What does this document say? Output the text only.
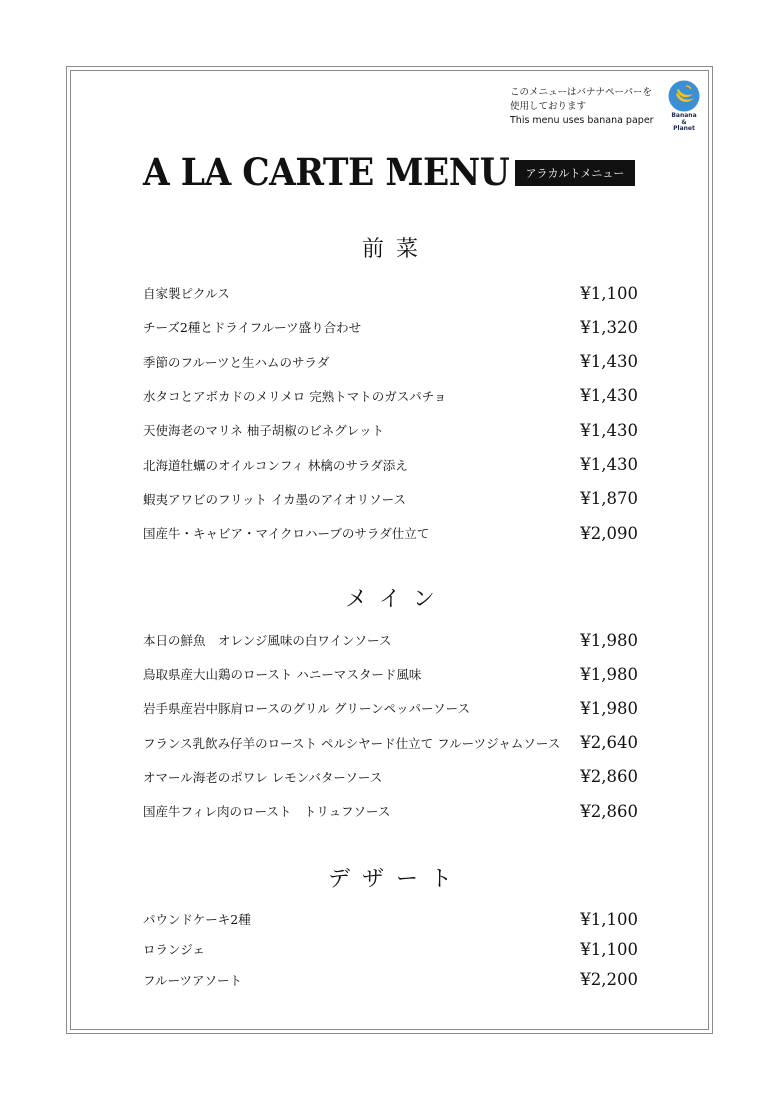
このメニューはバナナペーパーを
使用しております
This menu uses banana paper	Banana
&
Planet
A LA CARTE MENU	アラカルトメニュー
前菜
自家製ピクルス	¥1,100
チーズ2種とドライフルーツ盛り合わせ	¥1,320
季節のフルーツと生ハムのサラダ	¥1,430
水タコとアボカドのメリメロ 完熟トマトのガスパチョ	¥1,430
天使海老のマリネ 柚子胡椒のビネグレット	¥1,430
北海道牡蠣のオイルコンフィ 林檎のサラダ添え	¥1,430
蝦夷アワビのフリット イカ墨のアイオリソース	¥1,870
国産牛・キャビア・マイクロハーブのサラダ仕立て	¥2,090
メイン
本日の鮮魚　オレンジ風味の白ワインソース	¥1,980
鳥取県産大山鶏のロースト ハニーマスタード風味	¥1,980
岩手県産岩中豚肩ロースのグリル グリーンペッパーソース	¥1,980
フランス乳飲み仔羊のロースト ペルシヤード仕立て フルーツジャムソース ¥2,640
オマール海老のポワレ レモンバターソース	¥2,860
国産牛フィレ肉のロースト　トリュフソース	¥2,860
デザート
パウンドケーキ2種	¥1,100
ロランジェ	¥1,100
フルーツアソート	¥2,200
